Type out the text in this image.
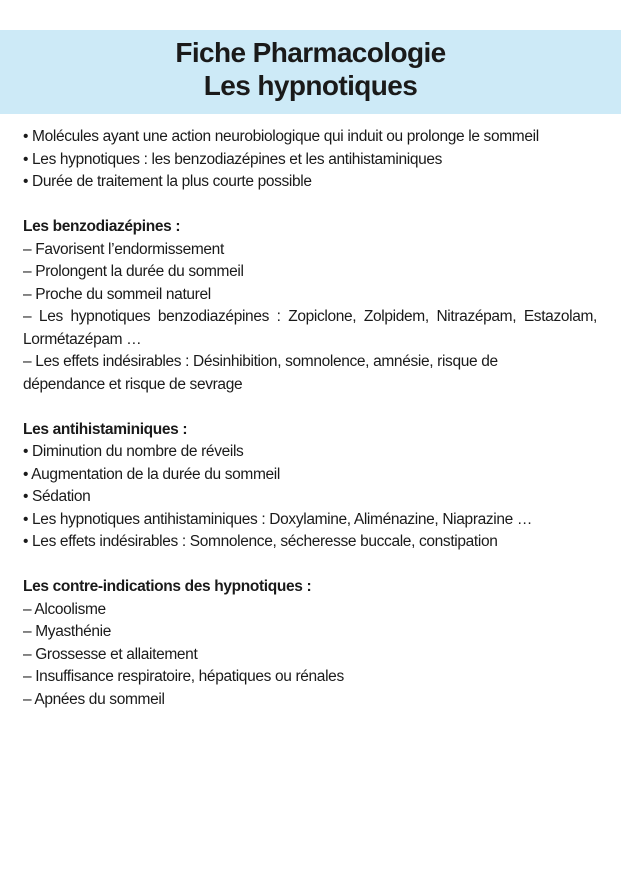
Fiche Pharmacologie
Les hypnotiques

• Molécules ayant une action neurobiologique qui induit ou prolonge le sommeil

• Les hypnotiques : les benzodiazépines et les antihistaminiques

• Durée de traitement la plus courte possible

Les benzodiazépines :

– Favorisent l’endormissement

– Prolongent la durée du sommeil

– Proche du sommeil naturel

– Les hypnotiques benzodiazépines : Zopiclone, Zolpidem, Nitrazépam, Estazolam, Lormétazépam …

– Les effets indésirables : Désinhibition, somnolence, amnésie, risque de dépendance et risque de sevrage

Les antihistaminiques :

• Diminution du nombre de réveils

• Augmentation de la durée du sommeil

• Sédation

• Les hypnotiques antihistaminiques : Doxylamine, Aliménazine, Niaprazine …

• Les effets indésirables : Somnolence, sécheresse buccale, constipation

Les contre-indications des hypnotiques :

– Alcoolisme

– Myasthénie

– Grossesse et allaitement

– Insuffisance respiratoire, hépatiques ou rénales

– Apnées du sommeil
